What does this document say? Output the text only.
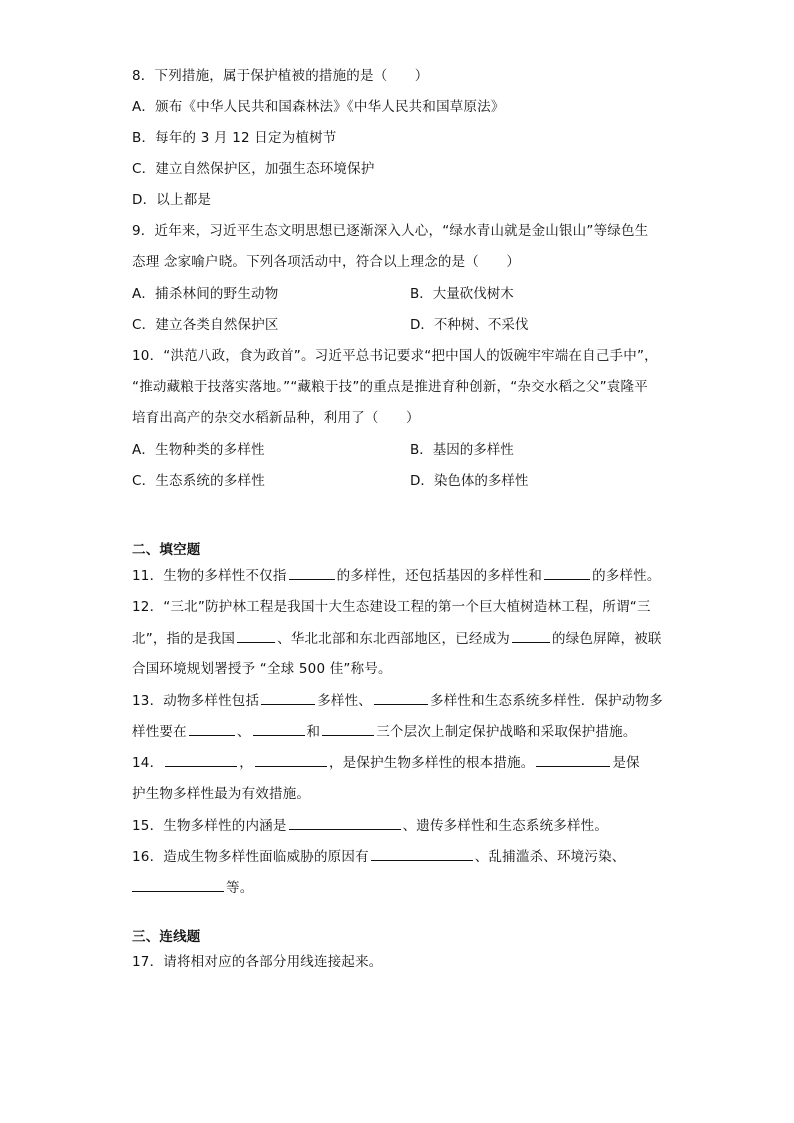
8．下列措施，属于保护植被的措施的是（　　）
A．颁布《中华人民共和国森林法》《中华人民共和国草原法》
B．每年的 3 月 12 日定为植树节
C．建立自然保护区，加强生态环境保护
D．以上都是
9．近年来，习近平生态文明思想已逐渐深入人心，“绿水青山就是金山银山”等绿色生
态理 念家喻户晓。下列各项活动中，符合以上理念的是（　　）
A．捕杀林间的野生动物	B．大量砍伐树木
C．建立各类自然保护区	D．不种树、不采伐
10．“洪范八政，食为政首”。习近平总书记要求“把中国人的饭碗牢牢端在自己手中”，
“推动藏粮于技落实落地。”“藏粮于技”的重点是推进育种创新，“杂交水稻之父”袁隆平
培育出高产的杂交水稻新品种，利用了（　　）
A．生物种类的多样性	B．基因的多样性
C．生态系统的多样性	D．染色体的多样性
二、填空题
11．生物的多样性不仅指	的多样性，还包括基因的多样性和	的多样性。
12．“三北”防护林工程是我国十大生态建设工程的第一个巨大植树造林工程，所谓“三
北”，指的是我国	、华北北部和东北西部地区，已经成为	的绿色屏障，被联
合国环境规划署授予 “全球 500 佳”称号。
13．动物多样性包括	多样性、	多样性和生态系统多样性．保护动物多
样性要在	、	和	三个层次上制定保护战略和采取保护措施。
14．	，	，是保护生物多样性的根本措施。	是保
护生物多样性最为有效措施。
15．生物多样性的内涵是	、遗传多样性和生态系统多样性。
16．造成生物多样性面临威胁的原因有	、乱捕滥杀、环境污染、
等。
三、连线题
17．请将相对应的各部分用线连接起来。
